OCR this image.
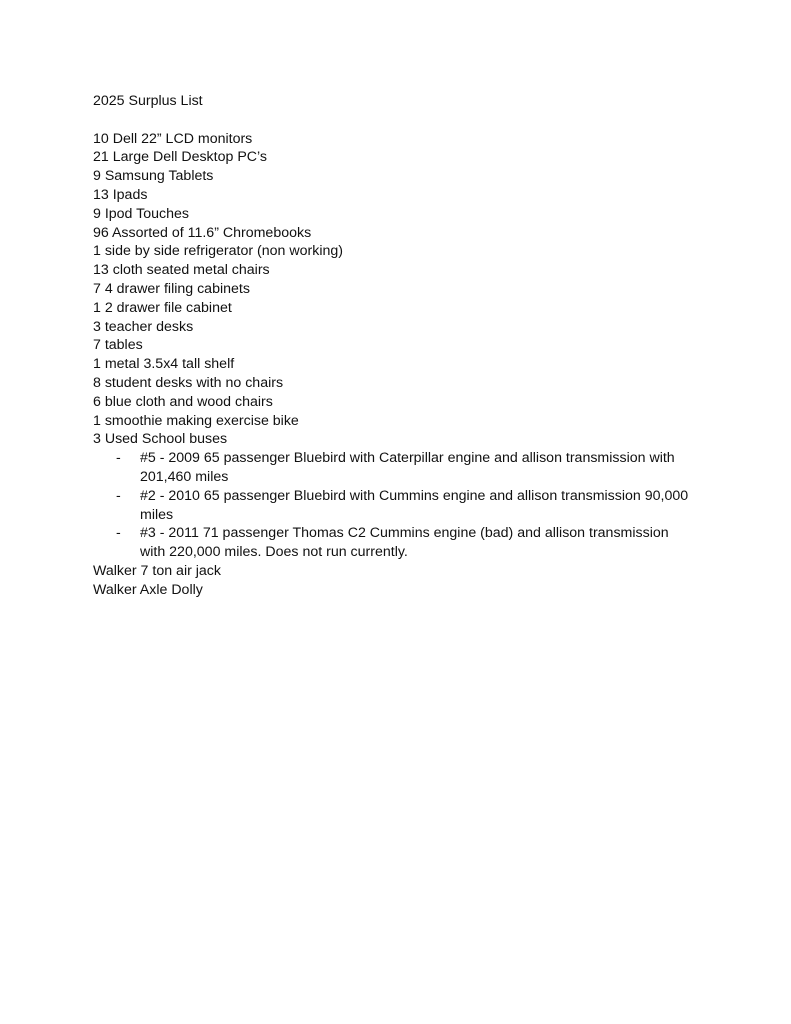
2025 Surplus List

10 Dell 22” LCD monitors
21 Large Dell Desktop PC’s
9 Samsung Tablets
13 Ipads
9 Ipod Touches
96 Assorted of 11.6” Chromebooks
1 side by side refrigerator (non working)
13 cloth seated metal chairs
7 4 drawer filing cabinets
1 2 drawer file cabinet
3 teacher desks
7 tables
1 metal 3.5x4 tall shelf
8 student desks with no chairs
6 blue cloth and wood chairs
1 smoothie making exercise bike
3 Used School buses
- #5 - 2009 65 passenger Bluebird with Caterpillar engine and allison transmission with 201,460 miles
- #2 - 2010 65 passenger Bluebird with Cummins engine and allison transmission 90,000 miles
- #3 - 2011 71 passenger Thomas C2 Cummins engine (bad) and allison transmission with 220,000 miles. Does not run currently.
Walker 7 ton air jack
Walker Axle Dolly
